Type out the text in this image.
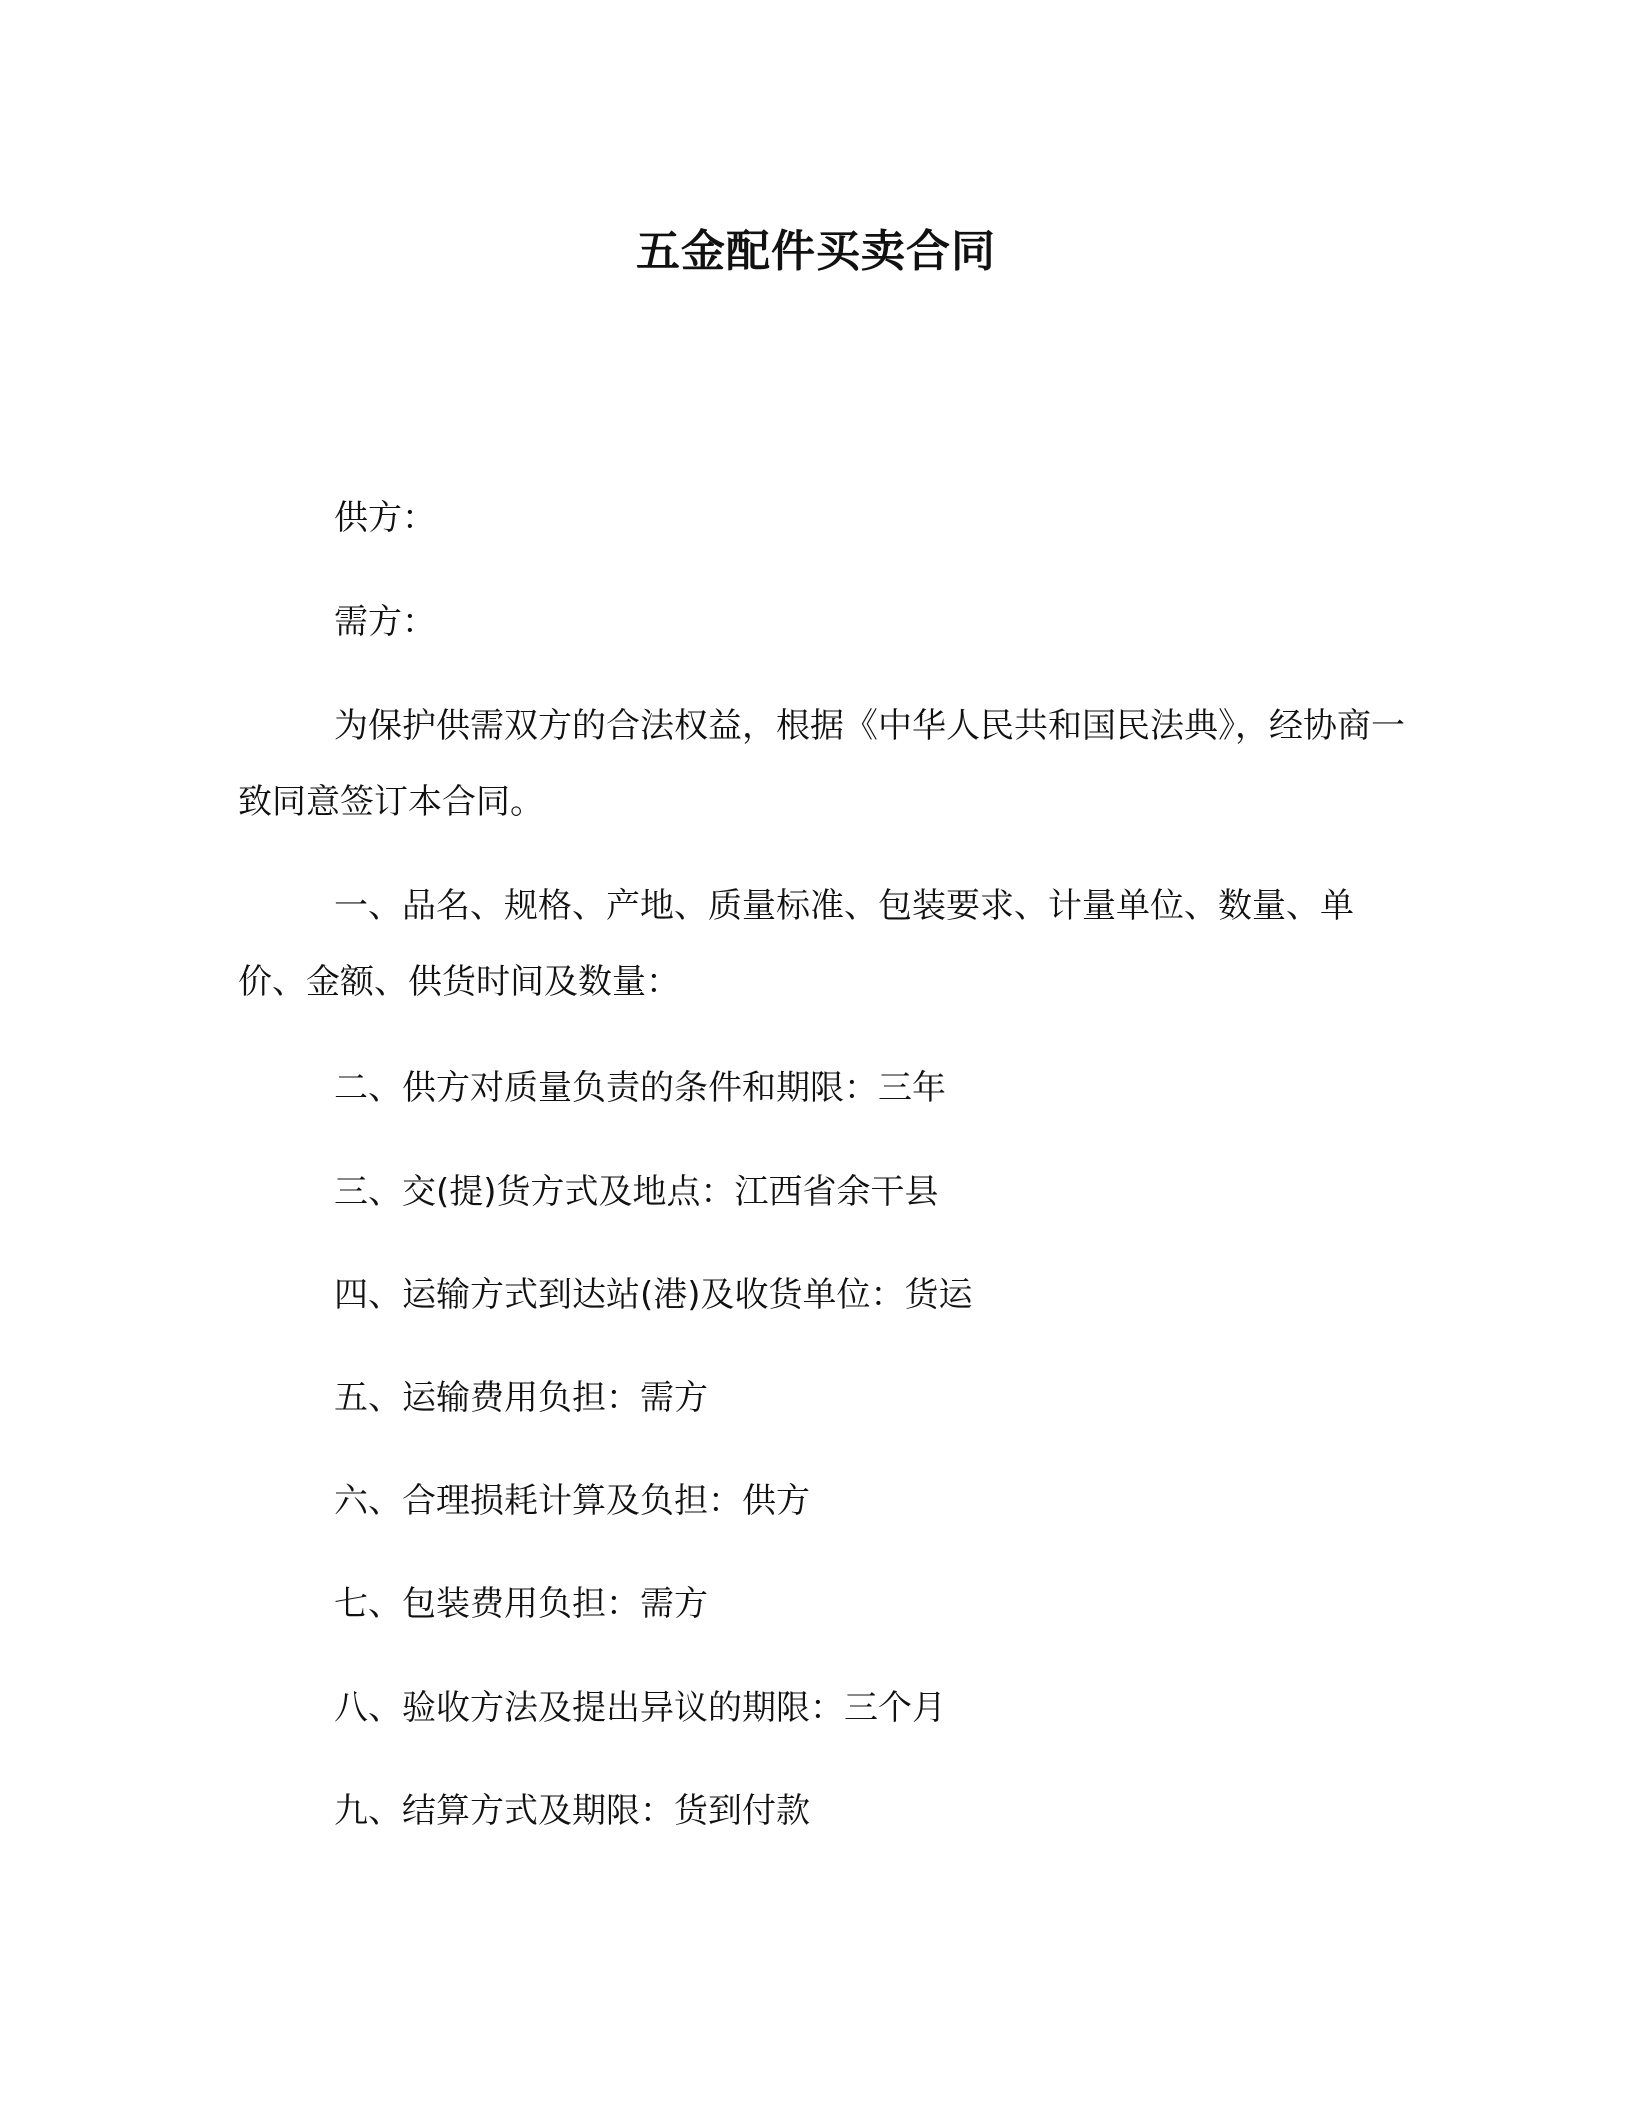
五金配件买卖合同

供方：

需方：

为保护供需双方的合法权益，根据《中华人民共和国民法典》，经协商一致同意签订本合同。

一、品名、规格、产地、质量标准、包装要求、计量单位、数量、单价、金额、供货时间及数量：

二、供方对质量负责的条件和期限：三年

三、交(提)货方式及地点：江西省余干县

四、运输方式到达站(港)及收货单位：货运

五、运输费用负担：需方

六、合理损耗计算及负担：供方

七、包装费用负担：需方

八、验收方法及提出异议的期限：三个月

九、结算方式及期限：货到付款
